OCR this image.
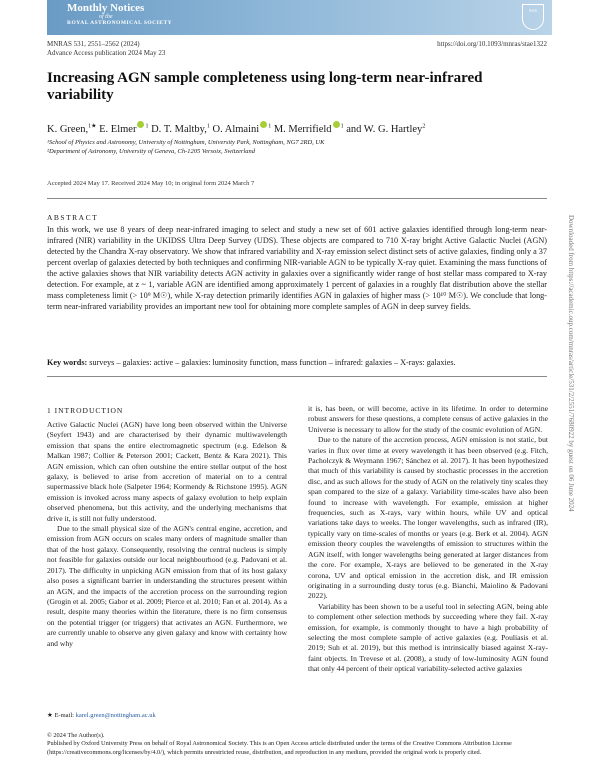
Monthly Notices
of the
ROYAL ASTRONOMICAL SOCIETY
RAS
MNRAS 531, 2551–2562 (2024)
Advance Access publication 2024 May 23
https://doi.org/10.1093/mnras/stae1322
Increasing AGN sample completeness using long-term near-infrared variability
K. Green,$^{1★}$ E. Elmer $^1$ D. T. Maltby,$^1$ O. Almaini $^1$ M. Merrifield $^1$ and W. G. Hartley$^2$
¹School of Physics and Astronomy, University of Nottingham, University Park, Nottingham, NG7 2RD, UK
²Department of Astronomy, University of Geneva, Ch-1205 Versoix, Switzerland
Accepted 2024 May 17. Received 2024 May 10; in original form 2024 March 7
ABSTRACT
In this work, we use 8 years of deep near-infrared imaging to select and study a new set of 601 active galaxies identified through long-term near-infrared (NIR) variability in the UKIDSS Ultra Deep Survey (UDS). These objects are compared to 710 X-ray bright Active Galactic Nuclei (AGN) detected by the Chandra X-ray observatory. We show that infrared variability and X-ray emission select distinct sets of active galaxies, finding only a 37 percent overlap of galaxies detected by both techniques and confirming NIR-variable AGN to be typically X-ray quiet. Examining the mass functions of the active galaxies shows that NIR variability detects AGN activity in galaxies over a significantly wider range of host stellar mass compared to X-ray detection. For example, at z ~ 1, variable AGN are identified among approximately 1 percent of galaxies in a roughly flat distribution above the stellar mass completeness limit (> 10⁹ M☉), while X-ray detection primarily identifies AGN in galaxies of higher mass (> 10¹⁰ M☉). We conclude that long-term near-infrared variability provides an important new tool for obtaining more complete samples of AGN in deep survey fields.
Key words: surveys – galaxies: active – galaxies: luminosity function, mass function – infrared: galaxies – X-rays: galaxies.
1 INTRODUCTION

Active Galactic Nuclei (AGN) have long been observed within the Universe (Seyfert 1943) and are characterised by their dynamic multiwavelength emission that spans the entire electromagnetic spectrum (e.g. Edelson & Malkan 1987; Collier & Peterson 2001; Cackett, Bentz & Kara 2021). This AGN emission, which can often outshine the entire stellar output of the host galaxy, is believed to arise from accretion of material on to a central supermassive black hole (Salpeter 1964; Kormendy & Richstone 1995). AGN emission is invoked across many aspects of galaxy evolution to help explain observed phenomena, but this activity, and the underlying mechanisms that drive it, is still not fully understood.

Due to the small physical size of the AGN's central engine, accretion, and emission from AGN occurs on scales many orders of magnitude smaller than that of the host galaxy. Consequently, resolving the central nucleus is simply not feasible for galaxies outside our local neighbourhood (e.g. Padovani et al. 2017). The difficulty in unpicking AGN emission from that of its host galaxy also poses a significant barrier in understanding the structures present within an AGN, and the impacts of the accretion process on the surrounding region (Grogin et al. 2005; Gabor et al. 2009; Pierce et al. 2010; Fan et al. 2014). As a result, despite many theories within the literature, there is no firm consensus on the potential trigger (or triggers) that activates an AGN. Furthermore, we are currently unable to observe any given galaxy and know with certainty how and why

it is, has been, or will become, active in its lifetime. In order to determine robust answers for these questions, a complete census of active galaxies in the Universe is necessary to allow for the study of the cosmic evolution of AGN.

Due to the nature of the accretion process, AGN emission is not static, but varies in flux over time at every wavelength it has been observed (e.g. Fitch, Pacholczyk & Weymann 1967; Sánchez et al. 2017). It has been hypothesized that much of this variability is caused by stochastic processes in the accretion disc, and as such allows for the study of AGN on the relatively tiny scales they span compared to the size of a galaxy. Variability time-scales have also been found to increase with wavelength. For example, emission at higher frequencies, such as X-rays, vary within hours, while UV and optical variations take days to weeks. The longer wavelengths, such as infrared (IR), typically vary on time-scales of months or years (e.g. Berk et al. 2004). AGN emission theory couples the wavelengths of emission to structures within the AGN itself, with longer wavelengths being generated at larger distances from the core. For example, X-rays are believed to be generated in the X-ray corona, UV and optical emission in the accretion disk, and IR emission originating in a surrounding dusty torus (e.g. Bianchi, Maiolino & Padovani 2022).

Variability has been shown to be a useful tool in selecting AGN, being able to complement other selection methods by succeeding where they fail. X-ray emission, for example, is commonly thought to have a high probability of selecting the most complete sample of active galaxies (e.g. Pouliasis et al. 2019; Suh et al. 2019), but this method is intrinsically biased against X-ray-faint objects. In Trevese et al. (2008), a study of low-luminosity AGN found that only 44 percent of their optical variability-selected active galaxies

★ E-mail: karel.green@nottingham.ac.uk
© 2024 The Author(s).
Published by Oxford University Press on behalf of Royal Astronomical Society. This is an Open Access article distributed under the terms of the Creative Commons Attribution License (https://creativecommons.org/licenses/by/4.0/), which permits unrestricted reuse, distribution, and reproduction in any medium, provided the original work is properly cited.
Downloaded from https://academic.oup.com/mnras/article/531/2/2551/7680922 by guest on 06 June 2024
